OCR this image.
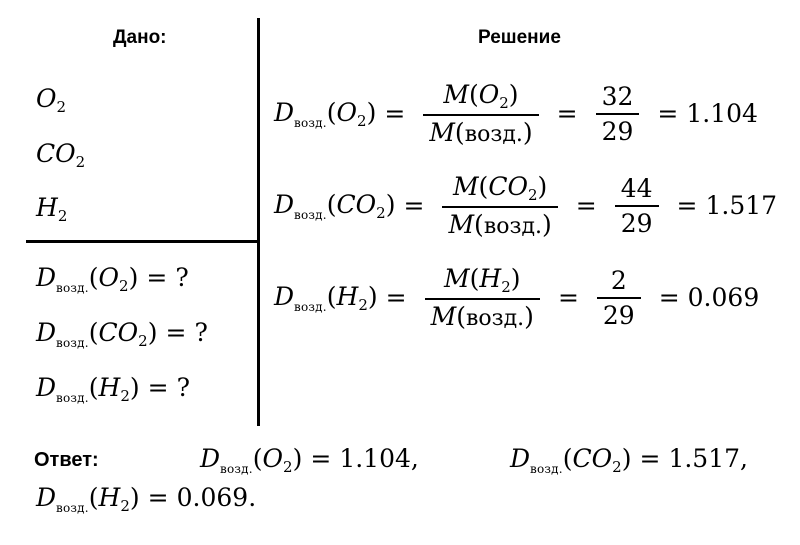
Дано:	Решение
$O_2$
$CO_2$
$H_2$
$D_{возд.}(O_2)$ = ?
$D_{возд.}(CO_2)$ = ?
$D_{возд.}(H_2)$ = ?
$D_{возд.}(O_2) = \frac{M(O_2)}{\text{M(возд.)}} = \frac{32}{29} = 1.104$
$D_{возд.}(CO_2) = \frac{M(CO_2)}{\text{M(возд.)}} = \frac{44}{29} = 1.517$
$D_{возд.}(H_2) = \frac{M(H_2)}{\text{M(возд.)}} = \frac{2}{29} = 0.069$
Ответ:	$D_{возд.}(O_2) = 1.104$,	$D_{возд.}(CO_2) = 1.517$,
$D_{возд.}(H_2) = 0.069$.
